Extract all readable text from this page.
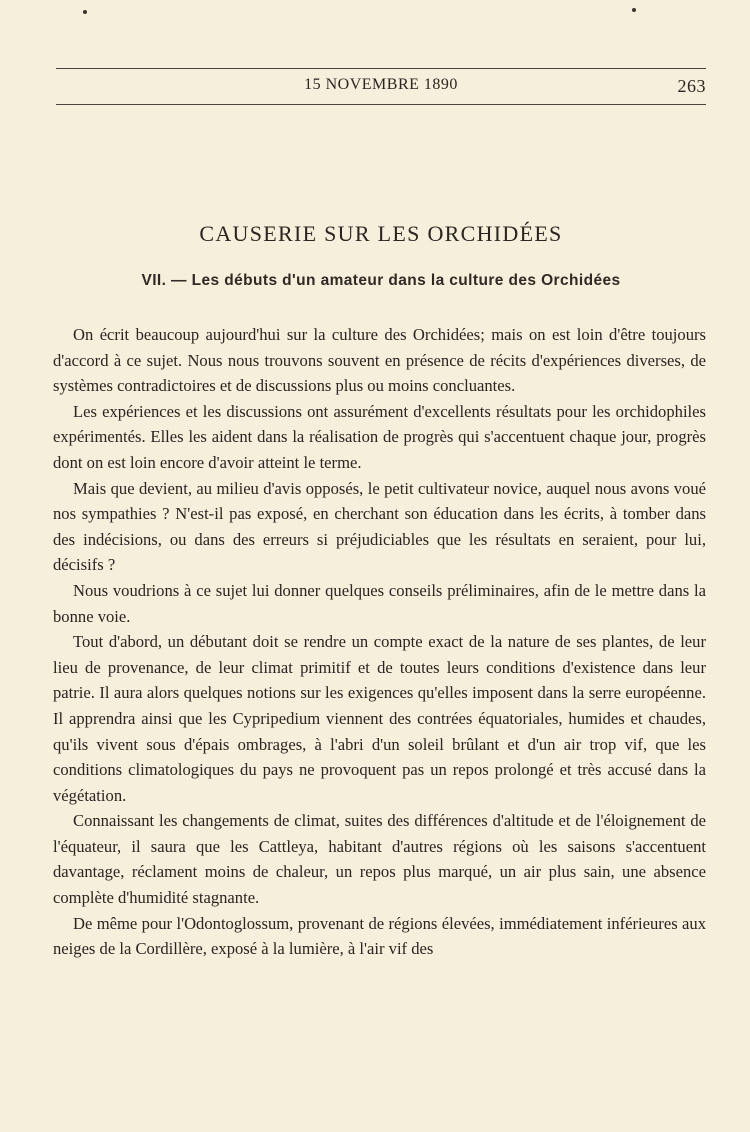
15 NOVEMBRE 1890	263
CAUSERIE SUR LES ORCHIDÉES
VII. — Les débuts d'un amateur dans la culture des Orchidées

On écrit beaucoup aujourd'hui sur la culture des Orchidées; mais on est loin d'être toujours d'accord à ce sujet. Nous nous trouvons souvent en présence de récits d'expériences diverses, de systèmes contradictoires et de discussions plus ou moins concluantes.

Les expériences et les discussions ont assurément d'excellents résultats pour les orchidophiles expérimentés. Elles les aident dans la réalisation de progrès qui s'accentuent chaque jour, progrès dont on est loin encore d'avoir atteint le terme.

Mais que devient, au milieu d'avis opposés, le petit cultivateur novice, auquel nous avons voué nos sympathies ? N'est-il pas exposé, en cherchant son éducation dans les écrits, à tomber dans des indécisions, ou dans des erreurs si préjudiciables que les résultats en seraient, pour lui, décisifs ?

Nous voudrions à ce sujet lui donner quelques conseils préliminaires, afin de le mettre dans la bonne voie.

Tout d'abord, un débutant doit se rendre un compte exact de la nature de ses plantes, de leur lieu de provenance, de leur climat primitif et de toutes leurs conditions d'existence dans leur patrie. Il aura alors quelques notions sur les exigences qu'elles imposent dans la serre européenne. Il apprendra ainsi que les Cypripedium viennent des contrées équatoriales, humides et chaudes, qu'ils vivent sous d'épais ombrages, à l'abri d'un soleil brûlant et d'un air trop vif, que les conditions climatologiques du pays ne provoquent pas un repos prolongé et très accusé dans la végétation.

Connaissant les changements de climat, suites des différences d'altitude et de l'éloignement de l'équateur, il saura que les Cattleya, habitant d'autres régions où les saisons s'accentuent davantage, réclament moins de chaleur, un repos plus marqué, un air plus sain, une absence complète d'humidité stagnante.

De même pour l'Odontoglossum, provenant de régions élevées, immédiatement inférieures aux neiges de la Cordillère, exposé à la lumière, à l'air vif des
